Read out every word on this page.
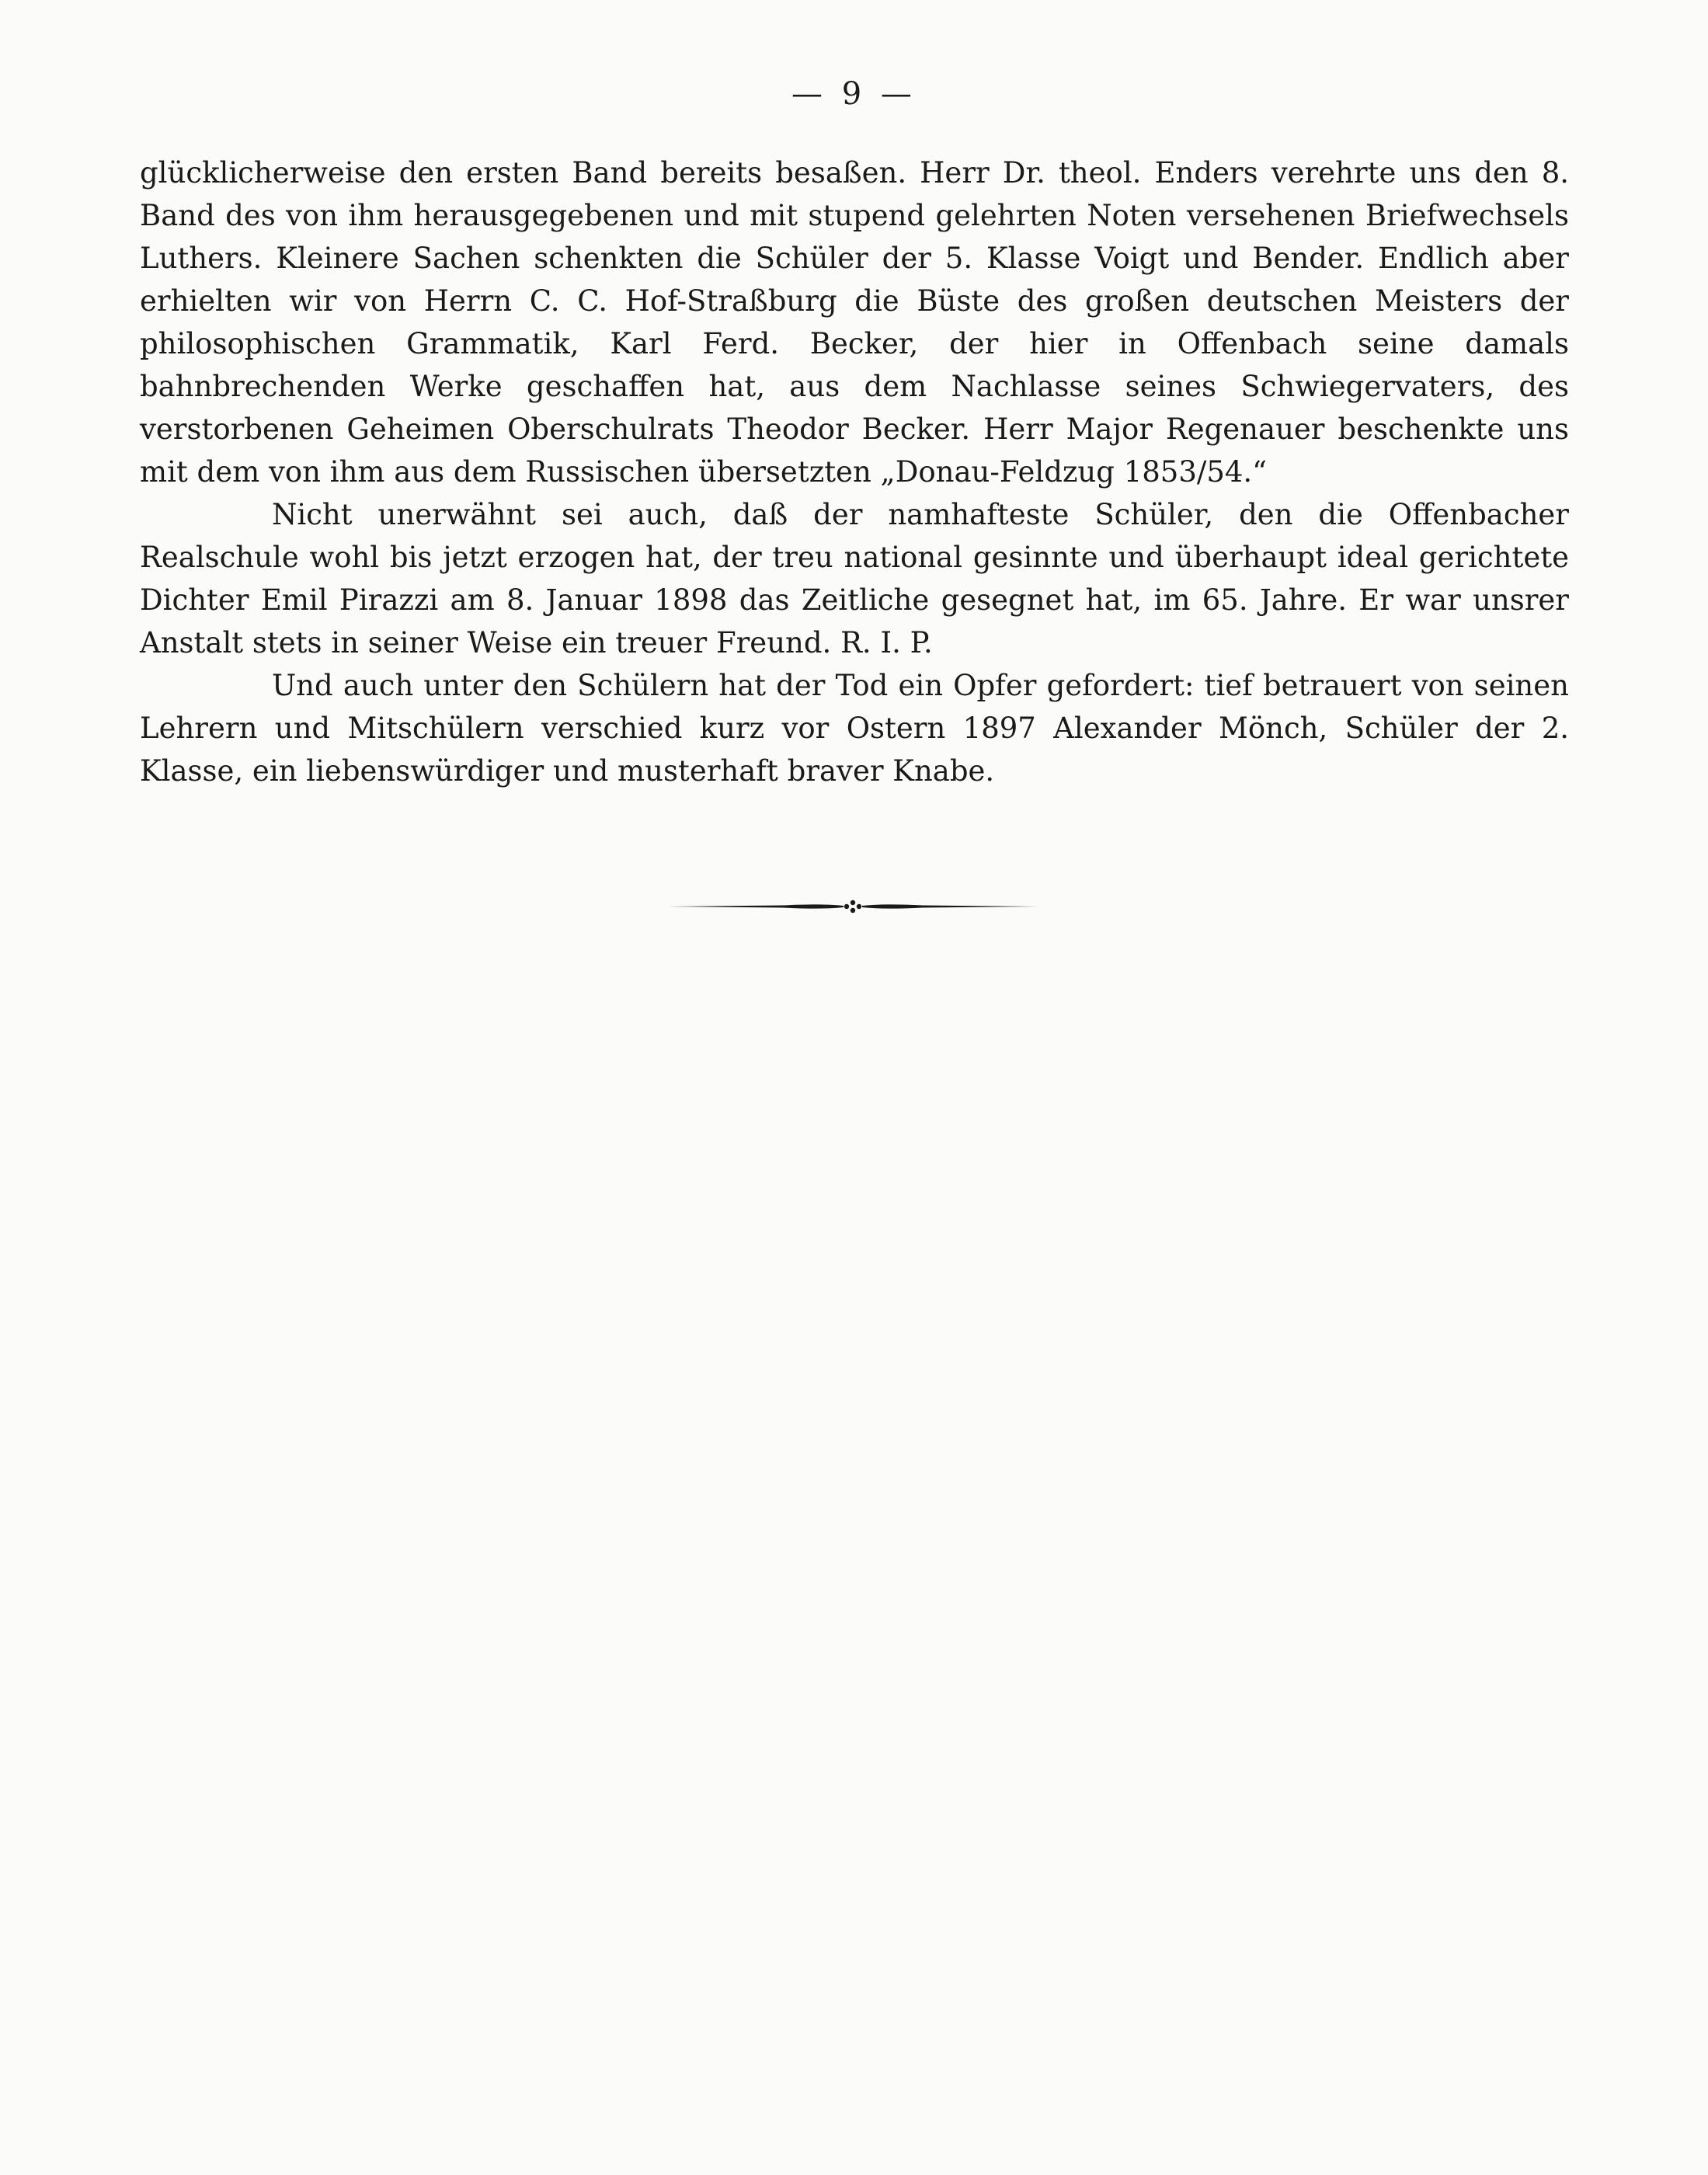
— 9 —

glücklicherweise den ersten Band bereits besaßen. Herr Dr. theol. Enders verehrte uns den 8. Band des von ihm herausgegebenen und mit stupend gelehrten Noten versehenen Briefwechsels Luthers. Kleinere Sachen schenkten die Schüler der 5. Klasse Voigt und Bender. Endlich aber erhielten wir von Herrn C. C. Hof-Straßburg die Büste des großen deutschen Meisters der philosophischen Grammatik, Karl Ferd. Becker, der hier in Offenbach seine damals bahnbrechenden Werke geschaffen hat, aus dem Nachlasse seines Schwiegervaters, des verstorbenen Geheimen Oberschulrats Theodor Becker. Herr Major Regenauer beschenkte uns mit dem von ihm aus dem Russischen übersetzten „Donau-Feldzug 1853/54.“

Nicht unerwähnt sei auch, daß der namhafteste Schüler, den die Offenbacher Realschule wohl bis jetzt erzogen hat, der treu national gesinnte und überhaupt ideal gerichtete Dichter Emil Pirazzi am 8. Januar 1898 das Zeitliche gesegnet hat, im 65. Jahre. Er war unsrer Anstalt stets in seiner Weise ein treuer Freund. R. I. P.

Und auch unter den Schülern hat der Tod ein Opfer gefordert: tief betrauert von seinen Lehrern und Mitschülern verschied kurz vor Ostern 1897 Alexander Mönch, Schüler der 2. Klasse, ein liebenswürdiger und musterhaft braver Knabe.
